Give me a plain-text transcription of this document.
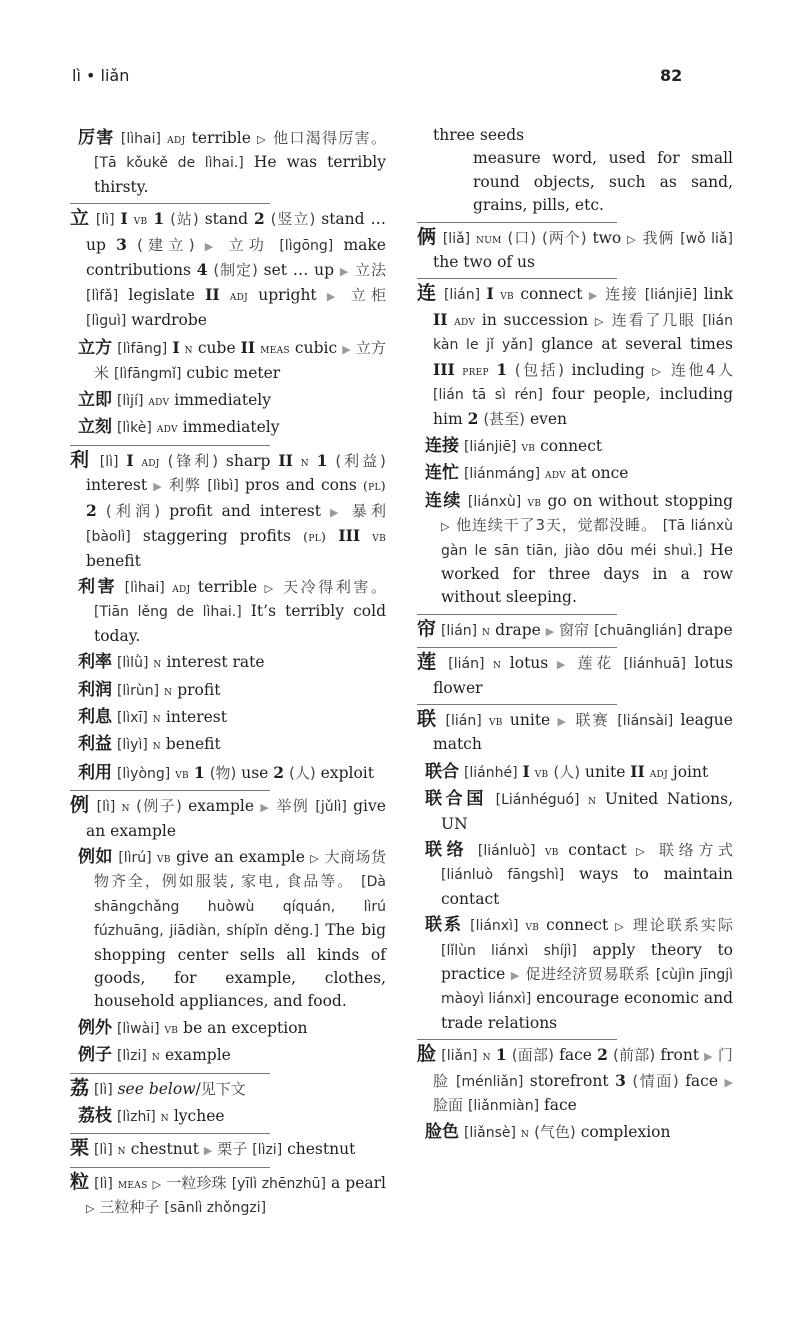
lì • liǎn	82
厉害 [lìhai] adj terrible ▷ 他口渴得厉害。 [Tā kǒukě de lìhai.] He was terribly thirsty.
立 [lì] I vb 1 (站) stand 2 (竖立) stand … up 3 (建立) ▶ 立功 [lìgōng] make contributions 4 (制定) set … up ▶ 立法 [lìfǎ] legislate II adj upright ▶ 立柜 [lìguì] wardrobe
立方 [lìfāng] I n cube II meas cubic ▶ 立方米 [lìfāngmǐ] cubic meter
立即 [lìjí] adv immediately
立刻 [lìkè] adv immediately
利 [lì] I adj (锋利) sharp II n 1 (利益) interest ▶ 利弊 [lìbì] pros and cons (pl) 2 (利润) profit and interest ▶ 暴利 [bàolì] staggering profits (pl) III vb benefit
利害 [lìhai] adj terrible ▷ 天冷得利害。 [Tiān lěng de lìhai.] It’s terribly cold today.
利率 [lìlǜ] n interest rate
利润 [lìrùn] n profit
利息 [lìxī] n interest
利益 [lìyì] n benefit
利用 [lìyòng] vb 1 (物) use 2 (人) exploit
例 [lì] n (例子) example ▶ 举例 [jǔlì] give an example
例如 [lìrú] vb give an example ▷ 大商场货物齐全，例如服装, 家电, 食品等。 [Dà shāngchǎng huòwù qíquán, lìrú fúzhuāng, jiādiàn, shípǐn děng.] The big shopping center sells all kinds of goods, for example, clothes, household appliances, and food.
例外 [lìwài] vb be an exception
例子 [lìzi] n example
荔 [lì] see below/见下文
荔枝 [lìzhī] n lychee
栗 [lì] n chestnut ▶ 栗子 [lìzi] chestnut
粒 [lì] meas ▷ 一粒珍珠 [yīlì zhēnzhū] a pearl ▷ 三粒种子 [sānlì zhǒngzi]
three seeds
measure word, used for small round objects, such as sand, grains, pills, etc.
俩 [liǎ] num (口) (两个) two ▷ 我俩 [wǒ liǎ] the two of us
连 [lián] I vb connect ▶ 连接 [liánjiē] link II adv in succession ▷ 连看了几眼 [lián kàn le jǐ yǎn] glance at several times III prep 1 (包括) including ▷ 连他4人 [lián tā sì rén] four people, including him 2 (甚至) even
连接 [liánjiē] vb connect
连忙 [liánmáng] adv at once
连续 [liánxù] vb go on without stopping ▷ 他连续干了3天，觉都没睡。 [Tā liánxù gàn le sān tiān, jiào dōu méi shuì.] He worked for three days in a row without sleeping.
帘 [lián] n drape ▶ 窗帘 [chuānglián] drape
莲 [lián] n lotus ▶ 莲花 [liánhuā] lotus flower
联 [lián] vb unite ▶ 联赛 [liánsài] league match
联合 [liánhé] I vb (人) unite II adj joint
联合国 [Liánhéguó] n United Nations, UN
联络 [liánluò] vb contact ▷ 联络方式 [liánluò fāngshì] ways to maintain contact
联系 [liánxì] vb connect ▷ 理论联系实际 [lǐlùn liánxì shíjì] apply theory to practice ▶ 促进经济贸易联系 [cùjìn jīngjì màoyì liánxì] encourage economic and trade relations
脸 [liǎn] n 1 (面部) face 2 (前部) front ▶ 门脸 [ménliǎn] storefront 3 (情面) face ▶ 脸面 [liǎnmiàn] face
脸色 [liǎnsè] n (气色) complexion
